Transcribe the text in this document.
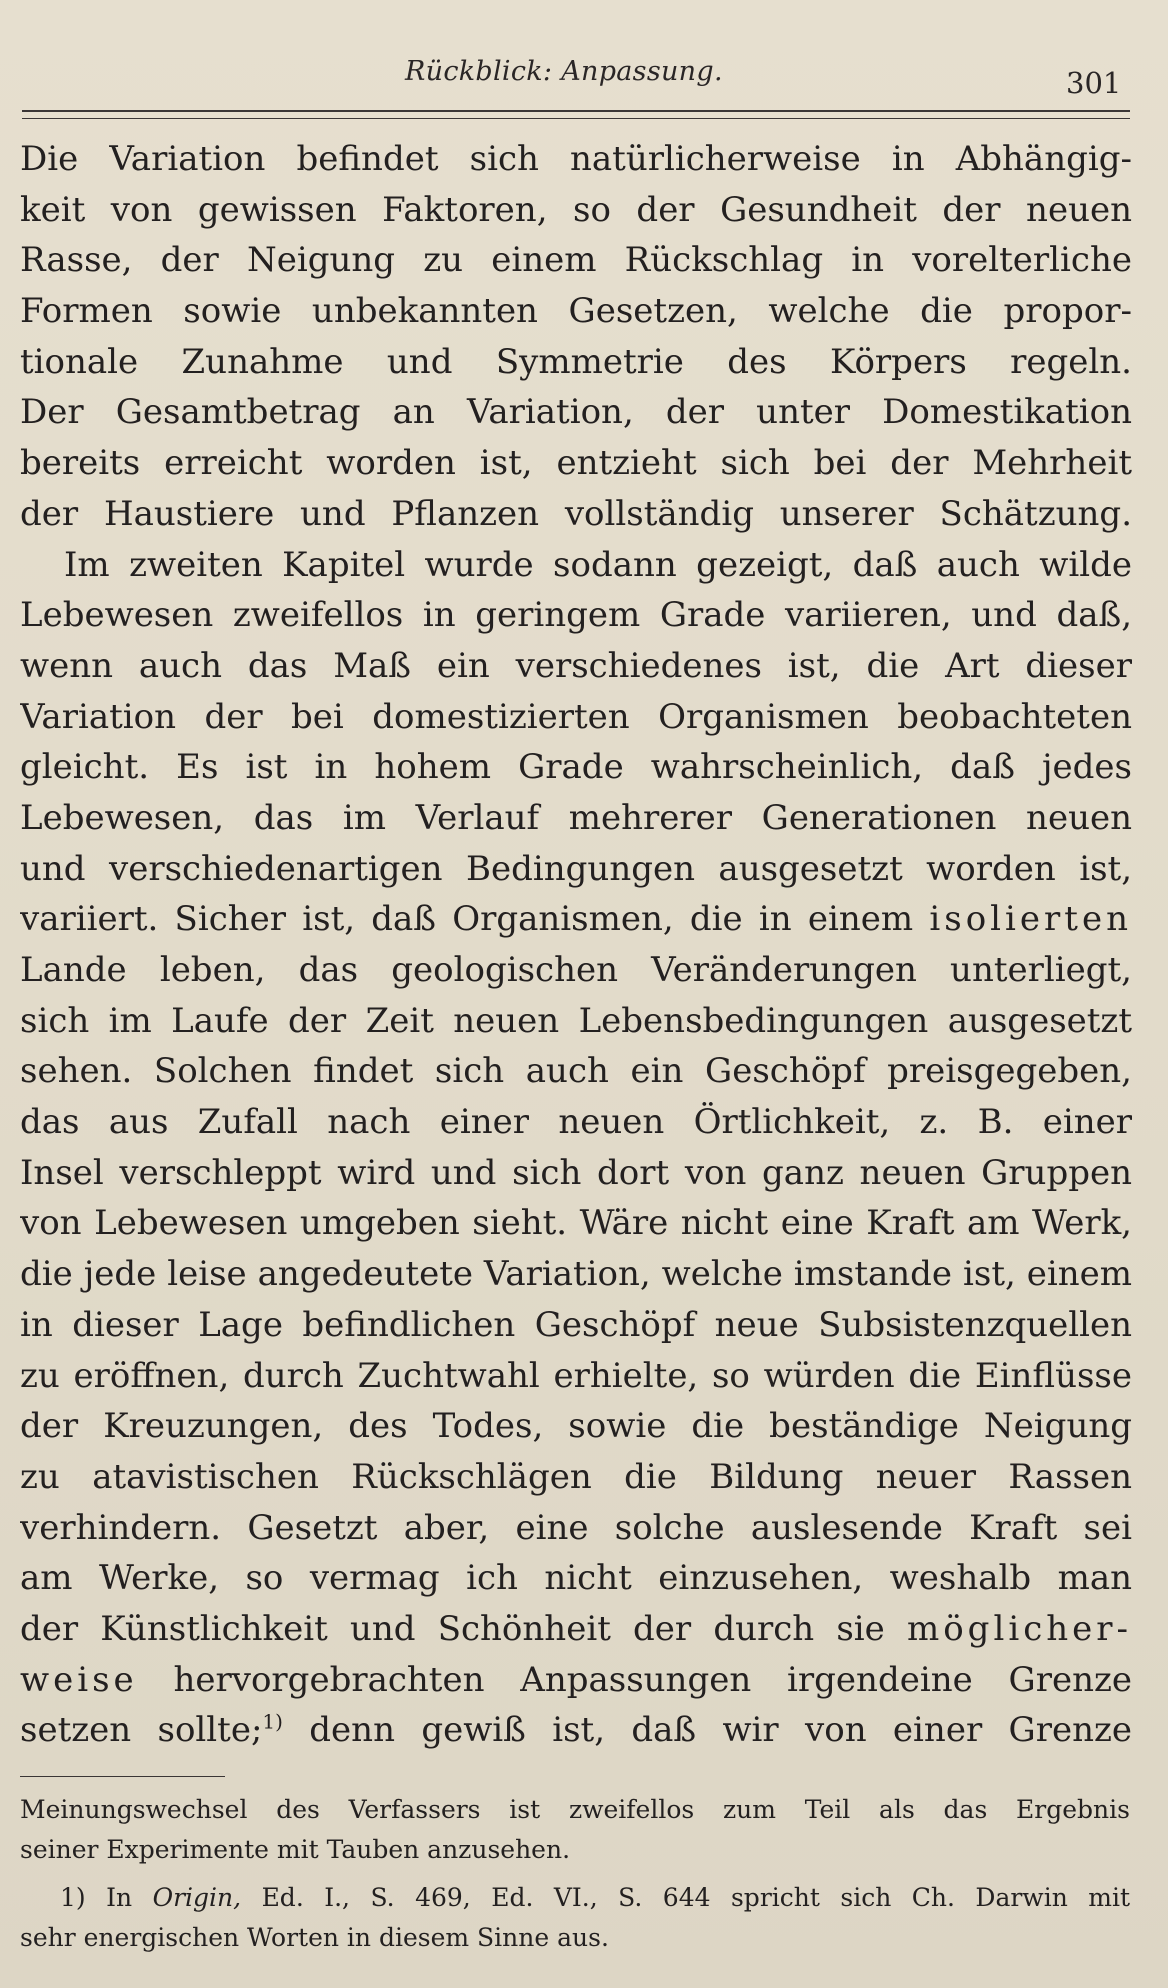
Rückblick: Anpassung.	301
Die Variation befindet sich natürlicherweise in Abhängig-
keit von gewissen Faktoren, so der Gesundheit der neuen
Rasse, der Neigung zu einem Rückschlag in vorelterliche
Formen sowie unbekannten Gesetzen, welche die propor-
tionale Zunahme und Symmetrie des Körpers regeln.
Der Gesamtbetrag an Variation, der unter Domestikation
bereits erreicht worden ist, entzieht sich bei der Mehrheit
der Haustiere und Pflanzen vollständig unserer Schätzung.
Im zweiten Kapitel wurde sodann gezeigt, daß auch wilde
Lebewesen zweifellos in geringem Grade variieren, und daß,
wenn auch das Maß ein verschiedenes ist, die Art dieser
Variation der bei domestizierten Organismen beobachteten
gleicht. Es ist in hohem Grade wahrscheinlich, daß jedes
Lebewesen, das im Verlauf mehrerer Generationen neuen
und verschiedenartigen Bedingungen ausgesetzt worden ist,
variiert. Sicher ist, daß Organismen, die in einem isolierten
Lande leben, das geologischen Veränderungen unterliegt,
sich im Laufe der Zeit neuen Lebensbedingungen ausgesetzt
sehen. Solchen findet sich auch ein Geschöpf preisgegeben,
das aus Zufall nach einer neuen Örtlichkeit, z. B. einer
Insel verschleppt wird und sich dort von ganz neuen Gruppen
von Lebewesen umgeben sieht. Wäre nicht eine Kraft am Werk,
die jede leise angedeutete Variation, welche imstande ist, einem
in dieser Lage befindlichen Geschöpf neue Subsistenzquellen
zu eröffnen, durch Zuchtwahl erhielte, so würden die Einflüsse
der Kreuzungen, des Todes, sowie die beständige Neigung
zu atavistischen Rückschlägen die Bildung neuer Rassen
verhindern. Gesetzt aber, eine solche auslesende Kraft sei
am Werke, so vermag ich nicht einzusehen, weshalb man
der Künstlichkeit und Schönheit der durch sie möglicher-
weise hervorgebrachten Anpassungen irgendeine Grenze
setzen sollte;$^{1)}$ denn gewiß ist, daß wir von einer Grenze
Meinungswechsel des Verfassers ist zweifellos zum Teil als das Ergebnis
seiner Experimente mit Tauben anzusehen.
1) In Origin, Ed. I., S. 469, Ed. VI., S. 644 spricht sich Ch. Darwin mit
sehr energischen Worten in diesem Sinne aus.
